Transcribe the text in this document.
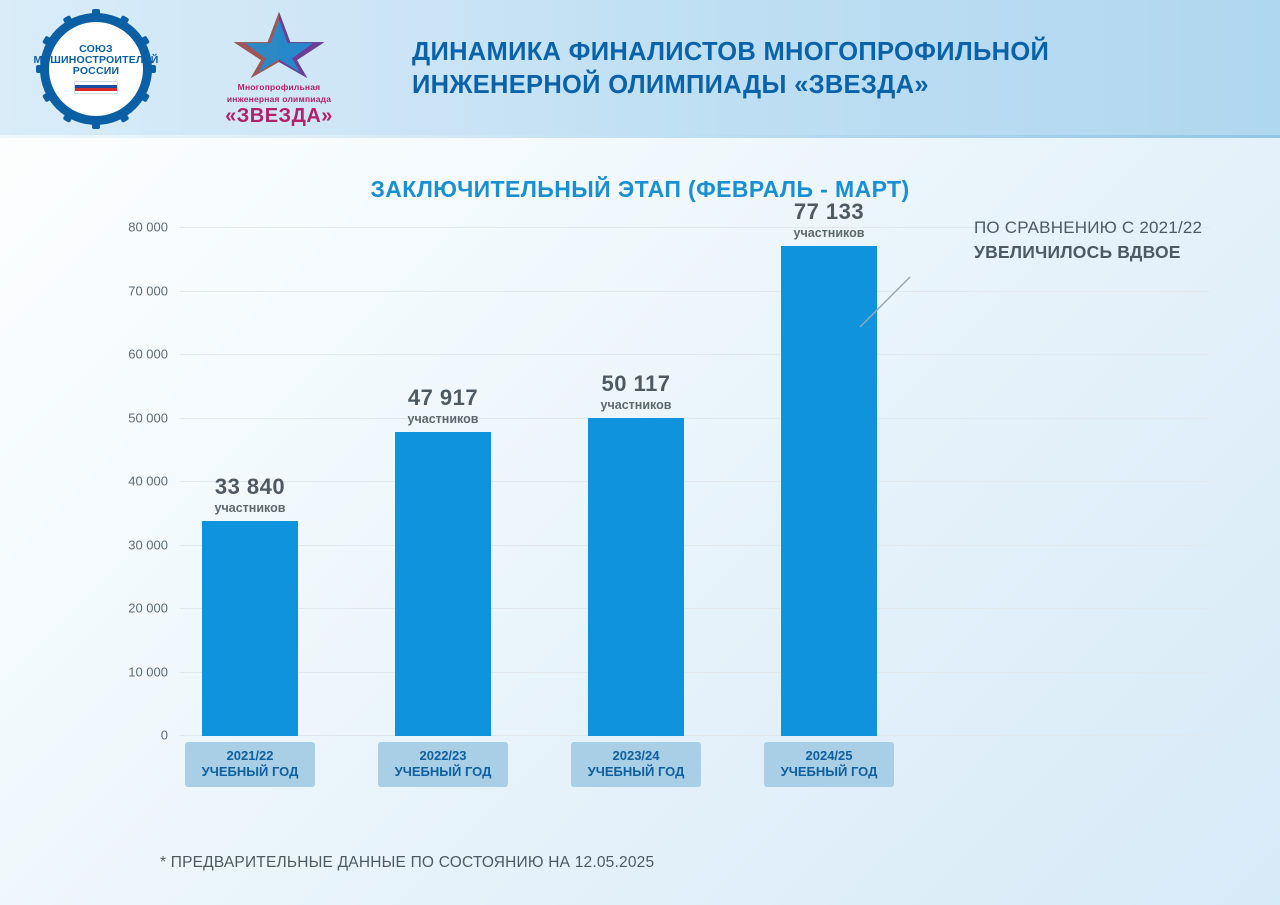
СОЮЗ
МАШИНОСТРОИТЕЛЕЙ
РОССИИ
Многопрофильная
инженерная олимпиада
«ЗВЕЗДА»
ДИНАМИКА ФИНАЛИСТОВ МНОГОПРОФИЛЬНОЙ ИНЖЕНЕРНОЙ ОЛИМПИАДЫ «ЗВЕЗДА»
ЗАКЛЮЧИТЕЛЬНЫЙ ЭТАП (ФЕВРАЛЬ - МАРТ)
0
10 000
20 000
30 000
40 000
50 000
60 000
70 000
80 000
33 840
участников
47 917
участников
50 117
участников
77 133
участников
2021/22
УЧЕБНЫЙ ГОД
2022/23
УЧЕБНЫЙ ГОД
2023/24
УЧЕБНЫЙ ГОД
2024/25
УЧЕБНЫЙ ГОД
ПО СРАВНЕНИЮ С 2021/22
УВЕЛИЧИЛОСЬ ВДВОЕ
* ПРЕДВАРИТЕЛЬНЫЕ ДАННЫЕ ПО СОСТОЯНИЮ НА 12.05.2025
